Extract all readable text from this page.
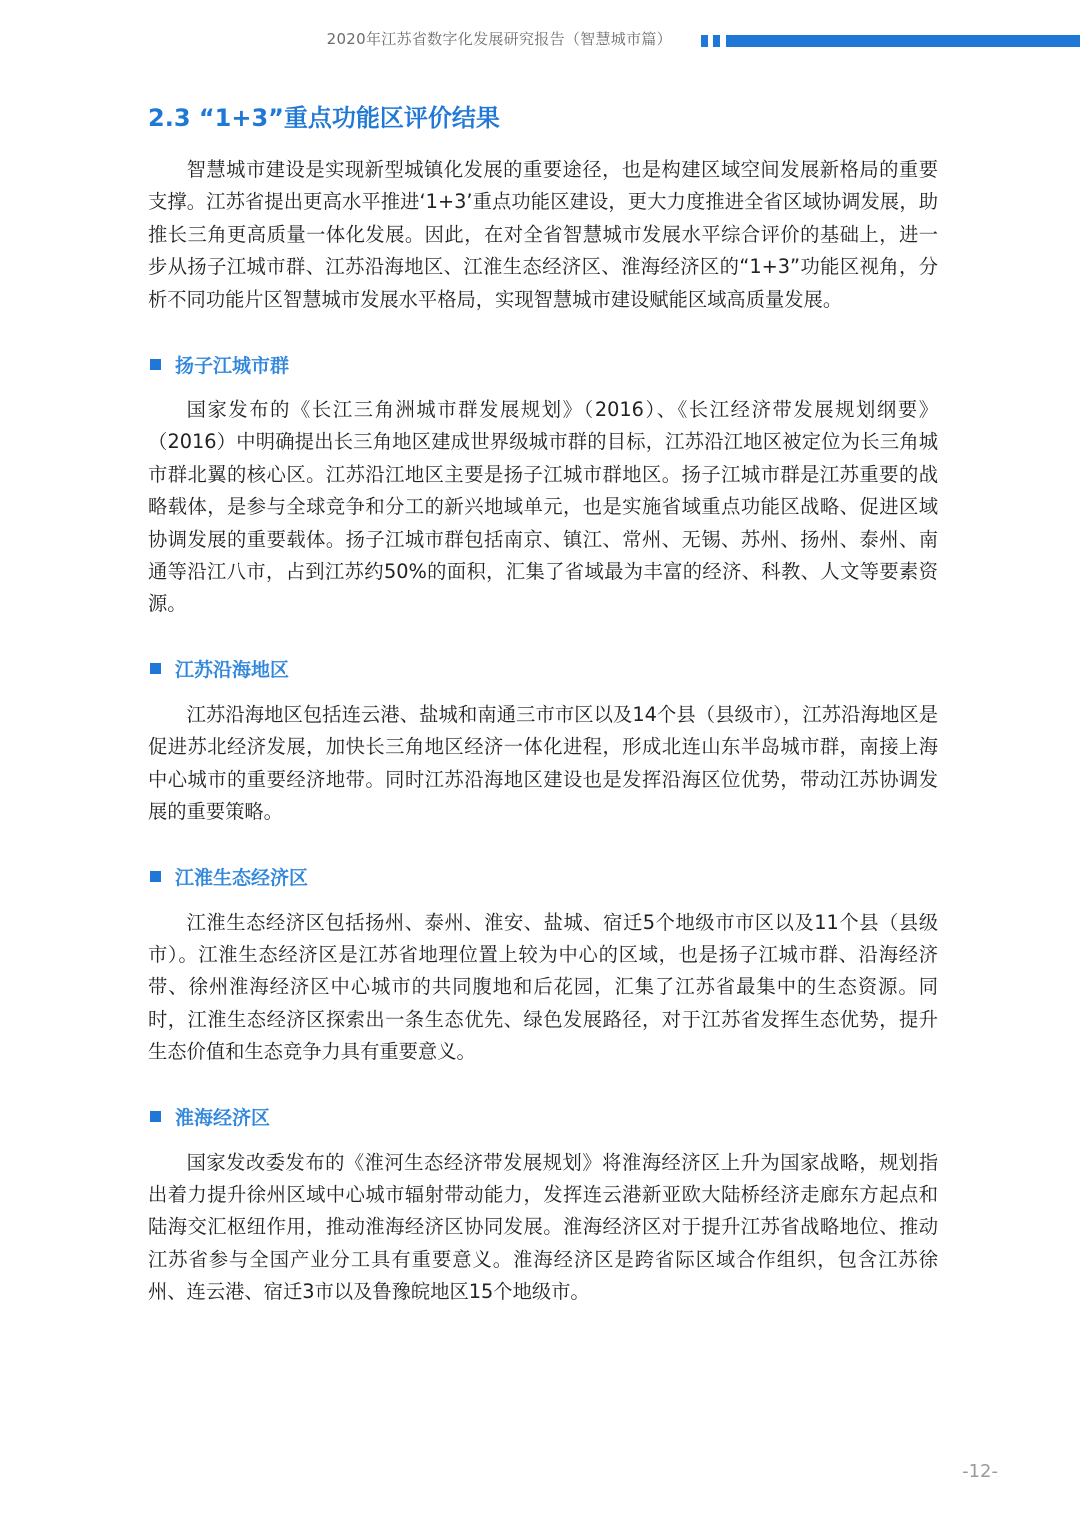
2020年江苏省数字化发展研究报告（智慧城市篇）
2.3 “1+3”重点功能区评价结果

智慧城市建设是实现新型城镇化发展的重要途径，也是构建区域空间发展新格局的重要支撑。江苏省提出更高水平推进‘1+3’重点功能区建设，更大力度推进全省区域协调发展，助推长三角更高质量一体化发展。因此，在对全省智慧城市发展水平综合评价的基础上，进一步从扬子江城市群、江苏沿海地区、江淮生态经济区、淮海经济区的“1+3”功能区视角，分析不同功能片区智慧城市发展水平格局，实现智慧城市建设赋能区域高质量发展。

扬子江城市群

国家发布的《长江三角洲城市群发展规划》（2016）、《长江经济带发展规划纲要》（2016）中明确提出长三角地区建成世界级城市群的目标，江苏沿江地区被定位为长三角城市群北翼的核心区。江苏沿江地区主要是扬子江城市群地区。扬子江城市群是江苏重要的战略载体，是参与全球竞争和分工的新兴地域单元，也是实施省域重点功能区战略、促进区域协调发展的重要载体。扬子江城市群包括南京、镇江、常州、无锡、苏州、扬州、泰州、南通等沿江八市，占到江苏约50%的面积，汇集了省域最为丰富的经济、科教、人文等要素资源。

江苏沿海地区

江苏沿海地区包括连云港、盐城和南通三市市区以及14个县（县级市），江苏沿海地区是促进苏北经济发展，加快长三角地区经济一体化进程，形成北连山东半岛城市群，南接上海中心城市的重要经济地带。同时江苏沿海地区建设也是发挥沿海区位优势，带动江苏协调发展的重要策略。

江淮生态经济区

江淮生态经济区包括扬州、泰州、淮安、盐城、宿迁5个地级市市区以及11个县（县级市）。江淮生态经济区是江苏省地理位置上较为中心的区域，也是扬子江城市群、沿海经济带、徐州淮海经济区中心城市的共同腹地和后花园，汇集了江苏省最集中的生态资源。同时，江淮生态经济区探索出一条生态优先、绿色发展路径，对于江苏省发挥生态优势，提升生态价值和生态竞争力具有重要意义。

淮海经济区

国家发改委发布的《淮河生态经济带发展规划》将淮海经济区上升为国家战略，规划指出着力提升徐州区域中心城市辐射带动能力，发挥连云港新亚欧大陆桥经济走廊东方起点和陆海交汇枢纽作用，推动淮海经济区协同发展。淮海经济区对于提升江苏省战略地位、推动江苏省参与全国产业分工具有重要意义。淮海经济区是跨省际区域合作组织，包含江苏徐州、连云港、宿迁3市以及鲁豫皖地区15个地级市。

-12-
